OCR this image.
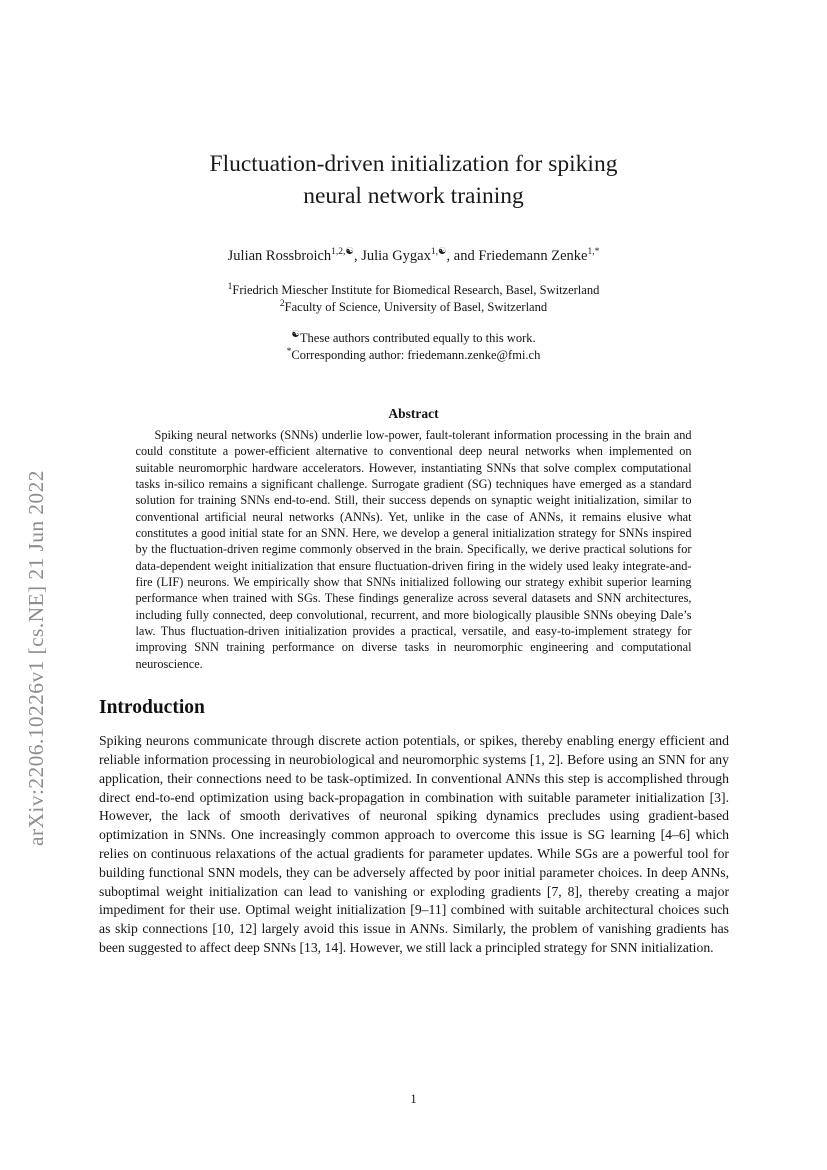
arXiv:2206.10226v1 [cs.NE] 21 Jun 2022
Fluctuation-driven initialization for spiking
neural network training
Julian Rossbroich$^{1,2,☯}$, Julia Gygax$^{1,☯}$, and Friedemann Zenke$^{1,*}$
$^1$Friedrich Miescher Institute for Biomedical Research, Basel, Switzerland
$^2$Faculty of Science, University of Basel, Switzerland
☯These authors contributed equally to this work.
*Corresponding author: friedemann.zenke@fmi.ch
Abstract

Spiking neural networks (SNNs) underlie low-power, fault-tolerant information processing in the brain and could constitute a power-efficient alternative to conventional deep neural networks when implemented on suitable neuromorphic hardware accelerators. However, instantiating SNNs that solve complex computational tasks in-silico remains a significant challenge. Surrogate gradient (SG) techniques have emerged as a standard solution for training SNNs end-to-end. Still, their success depends on synaptic weight initialization, similar to conventional artificial neural networks (ANNs). Yet, unlike in the case of ANNs, it remains elusive what constitutes a good initial state for an SNN. Here, we develop a general initialization strategy for SNNs inspired by the fluctuation-driven regime commonly observed in the brain. Specifically, we derive practical solutions for data-dependent weight initialization that ensure fluctuation-driven firing in the widely used leaky integrate-and-fire (LIF) neurons. We empirically show that SNNs initialized following our strategy exhibit superior learning performance when trained with SGs. These findings generalize across several datasets and SNN architectures, including fully connected, deep convolutional, recurrent, and more biologically plausible SNNs obeying Dale’s law. Thus fluctuation-driven initialization provides a practical, versatile, and easy-to-implement strategy for improving SNN training performance on diverse tasks in neuromorphic engineering and computational neuroscience.

Introduction

Spiking neurons communicate through discrete action potentials, or spikes, thereby enabling energy efficient and reliable information processing in neurobiological and neuromorphic systems [1, 2]. Before using an SNN for any application, their connections need to be task-optimized. In conventional ANNs this step is accomplished through direct end-to-end optimization using back-propagation in combination with suitable parameter initialization [3]. However, the lack of smooth derivatives of neuronal spiking dynamics precludes using gradient-based optimization in SNNs. One increasingly common approach to overcome this issue is SG learning [4–6] which relies on continuous relaxations of the actual gradients for parameter updates. While SGs are a powerful tool for building functional SNN models, they can be adversely affected by poor initial parameter choices. In deep ANNs, suboptimal weight initialization can lead to vanishing or exploding gradients [7, 8], thereby creating a major impediment for their use. Optimal weight initialization [9–11] combined with suitable architectural choices such as skip connections [10, 12] largely avoid this issue in ANNs. Similarly, the problem of vanishing gradients has been suggested to affect deep SNNs [13, 14]. However, we still lack a principled strategy for SNN initialization.

1
